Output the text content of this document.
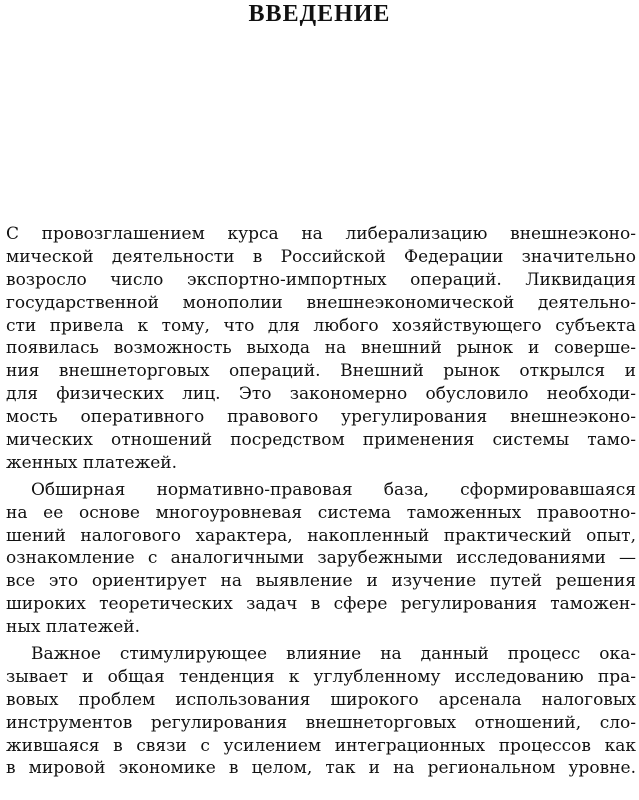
ВВЕДЕНИЕ
С провозглашением курса на либерализацию внешнеэконо-
мической деятельности в Российской Федерации значительно
возросло число экспортно-импортных операций. Ликвидация
государственной монополии внешнеэкономической деятельно-
сти привела к тому, что для любого хозяйствующего субъекта
появилась возможность выхода на внешний рынок и соверше-
ния внешнеторговых операций. Внешний рынок открылся и
для физических лиц. Это закономерно обусловило необходи-
мость оперативного правового урегулирования внешнеэконо-
мических отношений посредством применения системы тамо-
женных платежей.
Обширная нормативно-правовая база, сформировавшаяся
на ее основе многоуровневая система таможенных правоотно-
шений налогового характера, накопленный практический опыт,
ознакомление с аналогичными зарубежными исследованиями —
все это ориентирует на выявление и изучение путей решения
широких теоретических задач в сфере регулирования таможен-
ных платежей.
Важное стимулирующее влияние на данный процесс ока-
зывает и общая тенденция к углубленному исследованию пра-
вовых проблем использования широкого арсенала налоговых
инструментов регулирования внешнеторговых отношений, сло-
жившаяся в связи с усилением интеграционных процессов как
в мировой экономике в целом, так и на региональном уровне.
